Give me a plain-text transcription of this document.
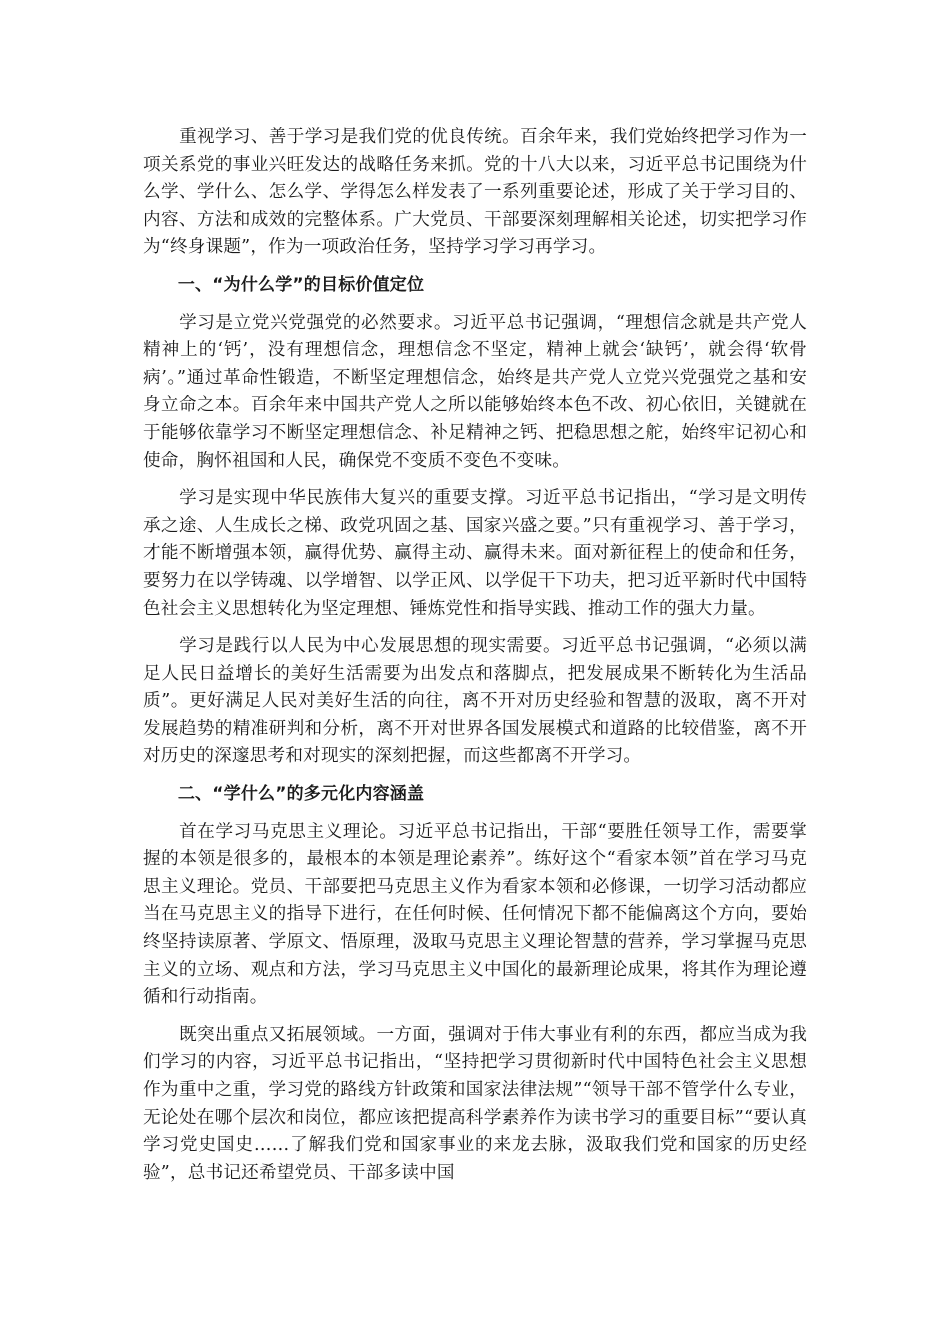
重视学习、善于学习是我们党的优良传统。百余年来，我们党始终把学习作为一项关系党的事业兴旺发达的战略任务来抓。党的十八大以来，习近平总书记围绕为什么学、学什么、怎么学、学得怎么样发表了一系列重要论述，形成了关于学习目的、内容、方法和成效的完整体系。广大党员、干部要深刻理解相关论述，切实把学习作为“终身课题”，作为一项政治任务，坚持学习学习再学习。

一、“为什么学”的目标价值定位

学习是立党兴党强党的必然要求。习近平总书记强调，“理想信念就是共产党人精神上的‘钙’，没有理想信念，理想信念不坚定，精神上就会‘缺钙’，就会得‘软骨病’。”通过革命性锻造，不断坚定理想信念，始终是共产党人立党兴党强党之基和安身立命之本。百余年来中国共产党人之所以能够始终本色不改、初心依旧，关键就在于能够依靠学习不断坚定理想信念、补足精神之钙、把稳思想之舵，始终牢记初心和使命，胸怀祖国和人民，确保党不变质不变色不变味。

学习是实现中华民族伟大复兴的重要支撑。习近平总书记指出，“学习是文明传承之途、人生成长之梯、政党巩固之基、国家兴盛之要。”只有重视学习、善于学习，才能不断增强本领，赢得优势、赢得主动、赢得未来。面对新征程上的使命和任务，要努力在以学铸魂、以学增智、以学正风、以学促干下功夫，把习近平新时代中国特色社会主义思想转化为坚定理想、锤炼党性和指导实践、推动工作的强大力量。

学习是践行以人民为中心发展思想的现实需要。习近平总书记强调，“必须以满足人民日益增长的美好生活需要为出发点和落脚点，把发展成果不断转化为生活品质”。更好满足人民对美好生活的向往，离不开对历史经验和智慧的汲取，离不开对发展趋势的精准研判和分析，离不开对世界各国发展模式和道路的比较借鉴，离不开对历史的深邃思考和对现实的深刻把握，而这些都离不开学习。

二、“学什么”的多元化内容涵盖

首在学习马克思主义理论。习近平总书记指出，干部“要胜任领导工作，需要掌握的本领是很多的，最根本的本领是理论素养”。练好这个“看家本领”首在学习马克思主义理论。党员、干部要把马克思主义作为看家本领和必修课，一切学习活动都应当在马克思主义的指导下进行，在任何时候、任何情况下都不能偏离这个方向，要始终坚持读原著、学原文、悟原理，汲取马克思主义理论智慧的营养，学习掌握马克思主义的立场、观点和方法，学习马克思主义中国化的最新理论成果，将其作为理论遵循和行动指南。

既突出重点又拓展领域。一方面，强调对于伟大事业有利的东西，都应当成为我们学习的内容，习近平总书记指出，“坚持把学习贯彻新时代中国特色社会主义思想作为重中之重，学习党的路线方针政策和国家法律法规”“领导干部不管学什么专业，无论处在哪个层次和岗位，都应该把提高科学素养作为读书学习的重要目标”“要认真学习党史国史……了解我们党和国家事业的来龙去脉，汲取我们党和国家的历史经验”，总书记还希望党员、干部多读中国
